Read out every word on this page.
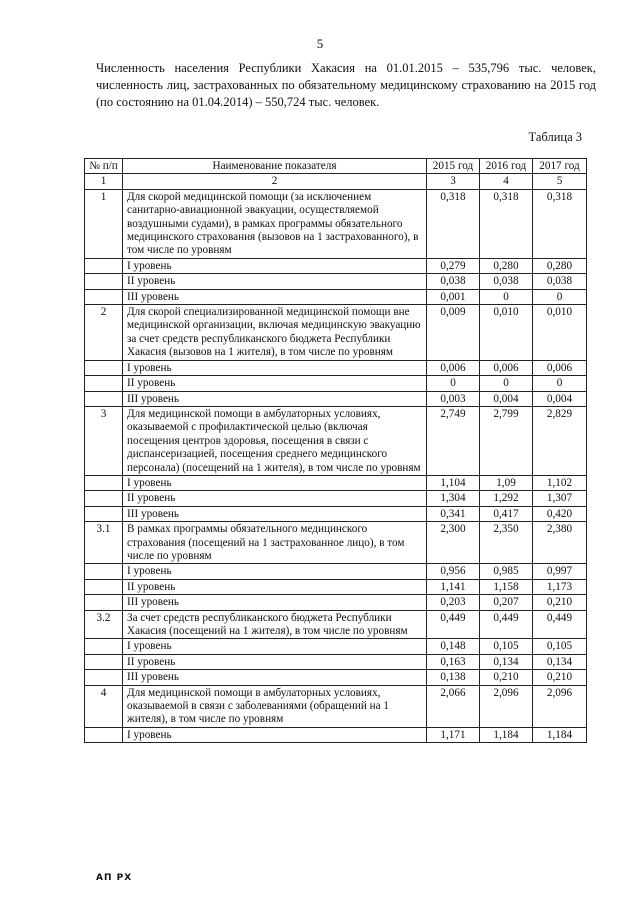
5
Численность населения Республики Хакасия на 01.01.2015 – 535,796 тыс. человек, численность лиц, застрахованных по обязательному медицинскому страхованию на 2015 год (по состоянию на 01.04.2014) – 550,724 тыс. человек.
Таблица 3
№ п/п	Наименование показателя	2015 год	2016 год	2017 год
1	2	3	4	5
1	Для скорой медицинской помощи (за исключением санитарно-авиационной эвакуации, осуществляемой воздушными судами), в рамках программы обязательного медицинского страхования (вызовов на 1 застрахованного), в том числе по уровням	0,318	0,318	0,318
	I уровень	0,279	0,280	0,280
	II уровень	0,038	0,038	0,038
	III уровень	0,001	0	0
2	Для скорой специализированной медицинской помощи вне медицинской организации, включая медицинскую эвакуацию за счет средств республиканского бюджета Республики Хакасия (вызовов на 1 жителя), в том числе по уровням	0,009	0,010	0,010
	I уровень	0,006	0,006	0,006
	II уровень	0	0	0
	III уровень	0,003	0,004	0,004
3	Для медицинской помощи в амбулаторных условиях, оказываемой с профилактической целью (включая посещения центров здоровья, посещения в связи с диспансеризацией, посещения среднего медицинского персонала) (посещений на 1 жителя), в том числе по уровням	2,749	2,799	2,829
	I уровень	1,104	1,09	1,102
	II уровень	1,304	1,292	1,307
	III уровень	0,341	0,417	0,420
3.1	В рамках программы обязательного медицинского страхования (посещений на 1 застрахованное лицо), в том числе по уровням	2,300	2,350	2,380
	I уровень	0,956	0,985	0,997
	II уровень	1,141	1,158	1,173
	III уровень	0,203	0,207	0,210
3.2	За счет средств республиканского бюджета Республики Хакасия (посещений на 1 жителя), в том числе по уровням	0,449	0,449	0,449
	I уровень	0,148	0,105	0,105
	II уровень	0,163	0,134	0,134
	III уровень	0,138	0,210	0,210
4	Для медицинской помощи в амбулаторных условиях, оказываемой в связи с заболеваниями (обращений на 1 жителя), в том числе по уровням	2,066	2,096	2,096
	I уровень	1,171	1,184	1,184
АП РХ
